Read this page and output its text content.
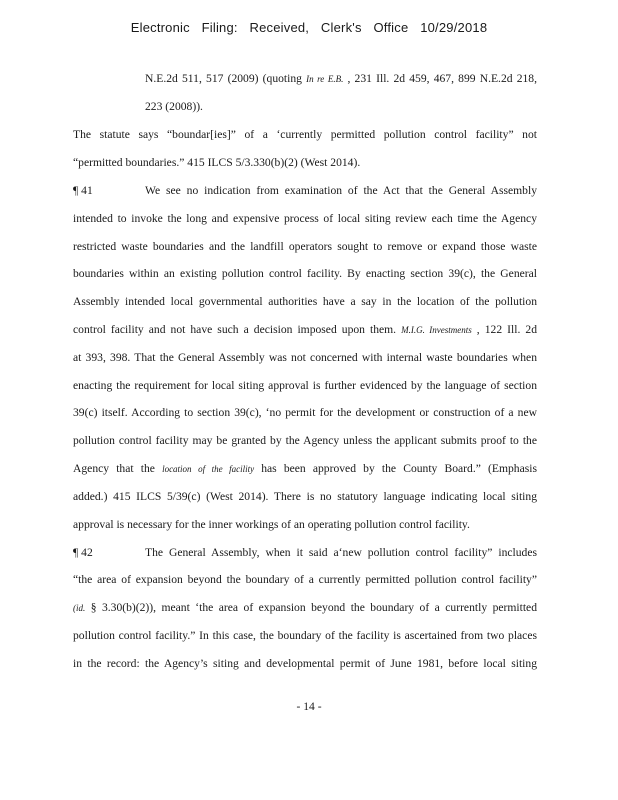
Electronic Filing: Received, Clerk's Office 10/29/2018
N.E.2d 511, 517 (2009) (quoting In re E.B. , 231 Ill. 2d 459, 467, 899 N.E.2d 218,
223 (2008)).
The statute says “boundar[ies]” of a ‘currently permitted pollution control facility” not
“permitted boundaries.” 415 ILCS 5/3.330(b)(2) (West 2014).
¶ 41	We see no indication from examination of the Act that the General Assembly
intended to invoke the long and expensive process of local siting review each time the Agency
restricted waste boundaries and the landfill operators sought to remove or expand those waste
boundaries within an existing pollution control facility. By enacting section 39(c), the General
Assembly intended local governmental authorities have a say in the location of the pollution
control facility and not have such a decision imposed upon them. M.I.G. Investments , 122 Ill. 2d
at 393, 398. That the General Assembly was not concerned with internal waste boundaries when
enacting the requirement for local siting approval is further evidenced by the language of section
39(c) itself. According to section 39(c), ‘no permit for the development or construction of a new
pollution control facility may be granted by the Agency unless the applicant submits proof to the
Agency that the location of the facility has been approved by the County Board.” (Emphasis
added.) 415 ILCS 5/39(c) (West 2014). There is no statutory language indicating local siting
approval is necessary for the inner workings of an operating pollution control facility.
¶ 42	The General Assembly, when it said a‘new pollution control facility” includes
“the area of expansion beyond the boundary of a currently permitted pollution control facility”
(id. § 3.30(b)(2)), meant ‘the area of expansion beyond the boundary of a currently permitted
pollution control facility.” In this case, the boundary of the facility is ascertained from two places
in the record: the Agency’s siting and developmental permit of June 1981, before local siting
- 14 -
